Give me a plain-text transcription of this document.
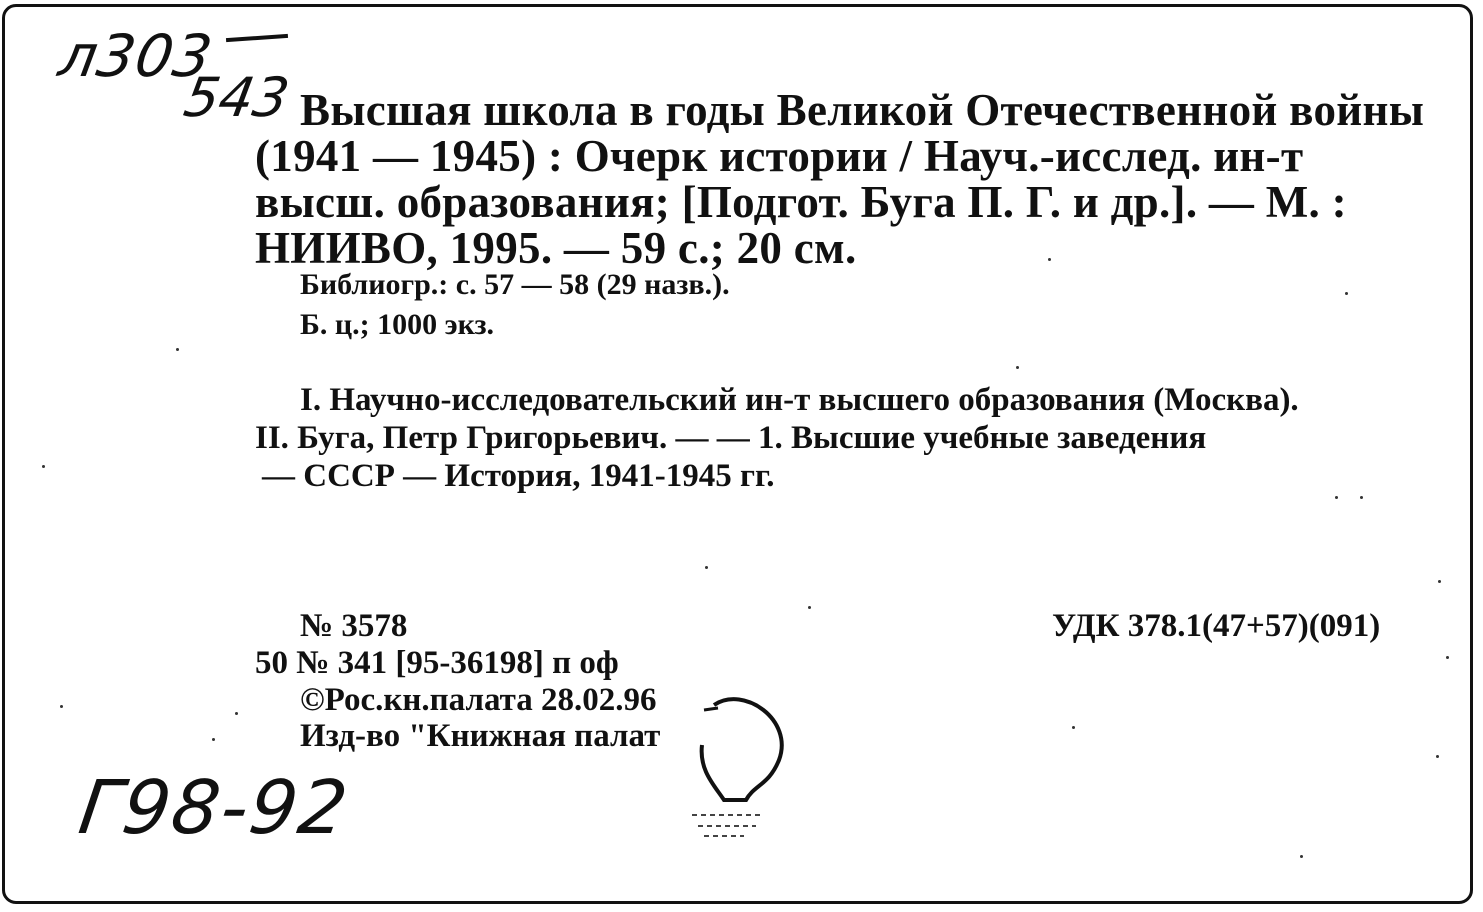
л303
543 Высшая школа в годы Великой Отечественной войны
(1941 — 1945) : Очерк истории / Науч.-исслед. ин-т
высш. образования; [Подгот. Буга П. Г. и др.]. — М. :
НИИВО, 1995. — 59 с.; 20 см.
Библиогр.: с. 57 — 58 (29 назв.).
Б. ц.; 1000 экз.
I. Научно-исследовательский ин-т высшего образования (Москва).
II. Буга, Петр Григорьевич. — — 1. Высшие учебные заведения
— СССР — История, 1941-1945 гг.
№ 3578	УДК 378.1(47+57)(091)
50 № 341 [95-36198] п оф
©Рос.кн.палата 28.02.96
Изд-во "Книжная палат
Г98-92
